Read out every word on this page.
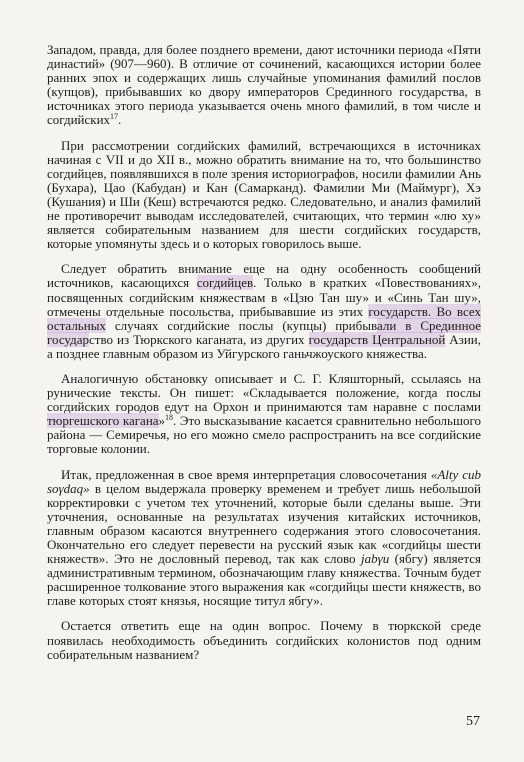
Западом, правда, для более позднего времени, дают источники периода «Пяти династий» (907—960). В отличие от сочинений, касающихся истории более ранних эпох и содержащих лишь случайные упоминания фамилий послов (купцов), прибывавших ко двору императоров Срединного государства, в источниках этого периода указывается очень много фамилий, в том числе и согдийских$^{17}$.

При рассмотрении согдийских фамилий, встречающихся в источниках начиная с VII и до XII в., можно обратить внимание на то, что большинство согдийцев, появлявшихся в поле зрения историографов, носили фамилии Ань (Бухара), Цао (Кабудан) и Кан (Самарканд). Фамилии Ми (Маймург), Хэ (Кушания) и Ши (Кеш) встречаются редко. Следовательно, и анализ фамилий не противоречит выводам исследователей, считающих, что термин «лю ху» является собирательным названием для шести согдийских государств, которые упомянуты здесь и о которых говорилось выше.

Следует обратить внимание еще на одну особенность сообщений источников, касающихся согдийцев. Только в кратких «Повествованиях», посвященных согдийским княжествам в «Цзю Тан шу» и «Синь Тан шу», отмечены отдельные посольства, прибывавшие из этих государств. Во всех остальных случаях согдийские послы (купцы) прибывали в Срединное государство из Тюркского каганата, из других государств Центральной Азии, а позднее главным образом из Уйгурского ганьчжоуского княжества.

Аналогичную обстановку описывает и С. Г. Кляшторный, ссылаясь на рунические тексты. Он пишет: «Складывается положение, когда послы согдийских городов едут на Орхон и принимаются там наравне с послами тюргешского кагана»$^{18}$. Это высказывание касается сравнительно небольшого района — Семиречья, но его можно смело распространить на все согдийские торговые колонии.

Итак, предложенная в свое время интерпретация словосочетания «Alty сub soγdaq» в целом выдержала проверку временем и требует лишь небольшой корректировки с учетом тех уточнений, которые были сделаны выше. Эти уточнения, основанные на результатах изучения китайских источников, главным образом касаются внутреннего содержания этого словосочетания. Окончательно его следует перевести на русский язык как «согдийцы шести княжеств». Это не дословный перевод, так как слово jabγu (ябгу) является административным термином, обозначающим главу княжества. Точным будет расширенное толкование этого выражения как «согдийцы шести княжеств, во главе которых стоят князья, носящие титул ябгу».

Остается ответить еще на один вопрос. Почему в тюркской среде появилась необходимость объединить согдийских колонистов под одним собирательным названием?

57
